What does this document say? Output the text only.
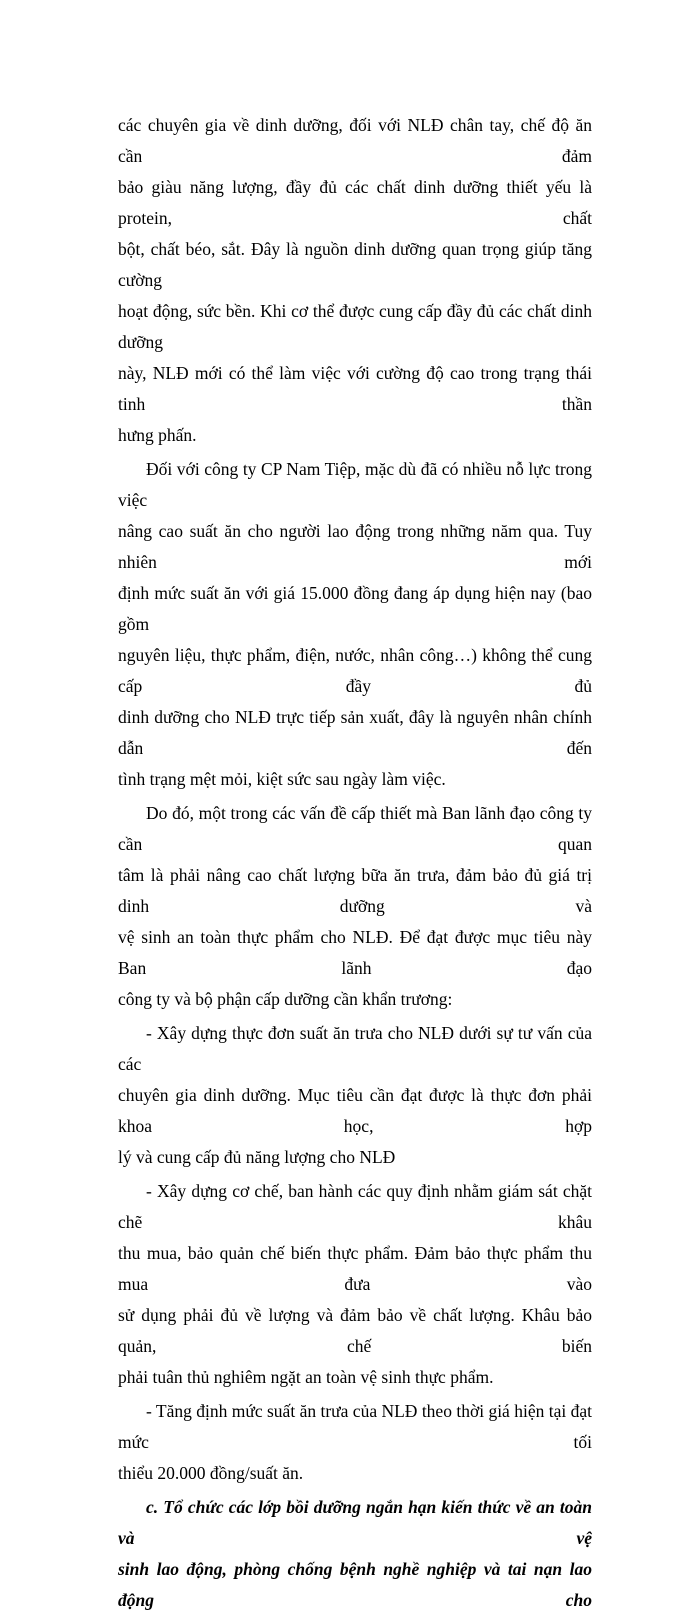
các chuyên gia về dinh dưỡng, đối với NLĐ chân tay, chế độ ăn cần đảm
bảo giàu năng lượng, đầy đủ các chất dinh dưỡng thiết yếu là protein, chất
bột, chất béo, sắt. Đây là nguồn dinh dưỡng quan trọng giúp tăng cường
hoạt động, sức bền. Khi cơ thể được cung cấp đầy đủ các chất dinh dưỡng
này, NLĐ mới có thể làm việc với cường độ cao trong trạng thái tinh thần
hưng phấn.

Đối với công ty CP Nam Tiệp, mặc dù đã có nhiều nỗ lực trong việc
nâng cao suất ăn cho người lao động trong những năm qua. Tuy nhiên mới
định mức suất ăn với giá 15.000 đồng đang áp dụng hiện nay (bao gồm
nguyên liệu, thực phẩm, điện, nước, nhân công…) không thể cung cấp đầy đủ
dinh dưỡng cho NLĐ trực tiếp sản xuất, đây là nguyên nhân chính dẫn đến
tình trạng mệt mỏi, kiệt sức sau ngày làm việc.

Do đó, một trong các vấn đề cấp thiết mà Ban lãnh đạo công ty cần quan
tâm là phải nâng cao chất lượng bữa ăn trưa, đảm bảo đủ giá trị dinh dưỡng và
vệ sinh an toàn thực phẩm cho NLĐ. Để đạt được mục tiêu này Ban lãnh đạo
công ty và bộ phận cấp dưỡng cần khẩn trương:

- Xây dựng thực đơn suất ăn trưa cho NLĐ dưới sự tư vấn của các
chuyên gia dinh dưỡng. Mục tiêu cần đạt được là thực đơn phải khoa học, hợp
lý và cung cấp đủ năng lượng cho NLĐ

- Xây dựng cơ chế, ban hành các quy định nhằm giám sát chặt chẽ khâu
thu mua, bảo quản chế biến thực phẩm. Đảm bảo thực phẩm thu mua đưa vào
sử dụng phải đủ về lượng và đảm bảo về chất lượng. Khâu bảo quản, chế biến
phải tuân thủ nghiêm ngặt an toàn vệ sinh thực phẩm.

- Tăng định mức suất ăn trưa của NLĐ theo thời giá hiện tại đạt mức tối
thiểu 20.000 đồng/suất ăn.

c. Tổ chức các lớp bồi dưỡng ngắn hạn kiến thức về an toàn và vệ
sinh lao động, phòng chống bệnh nghề nghiệp và tai nạn lao động cho
